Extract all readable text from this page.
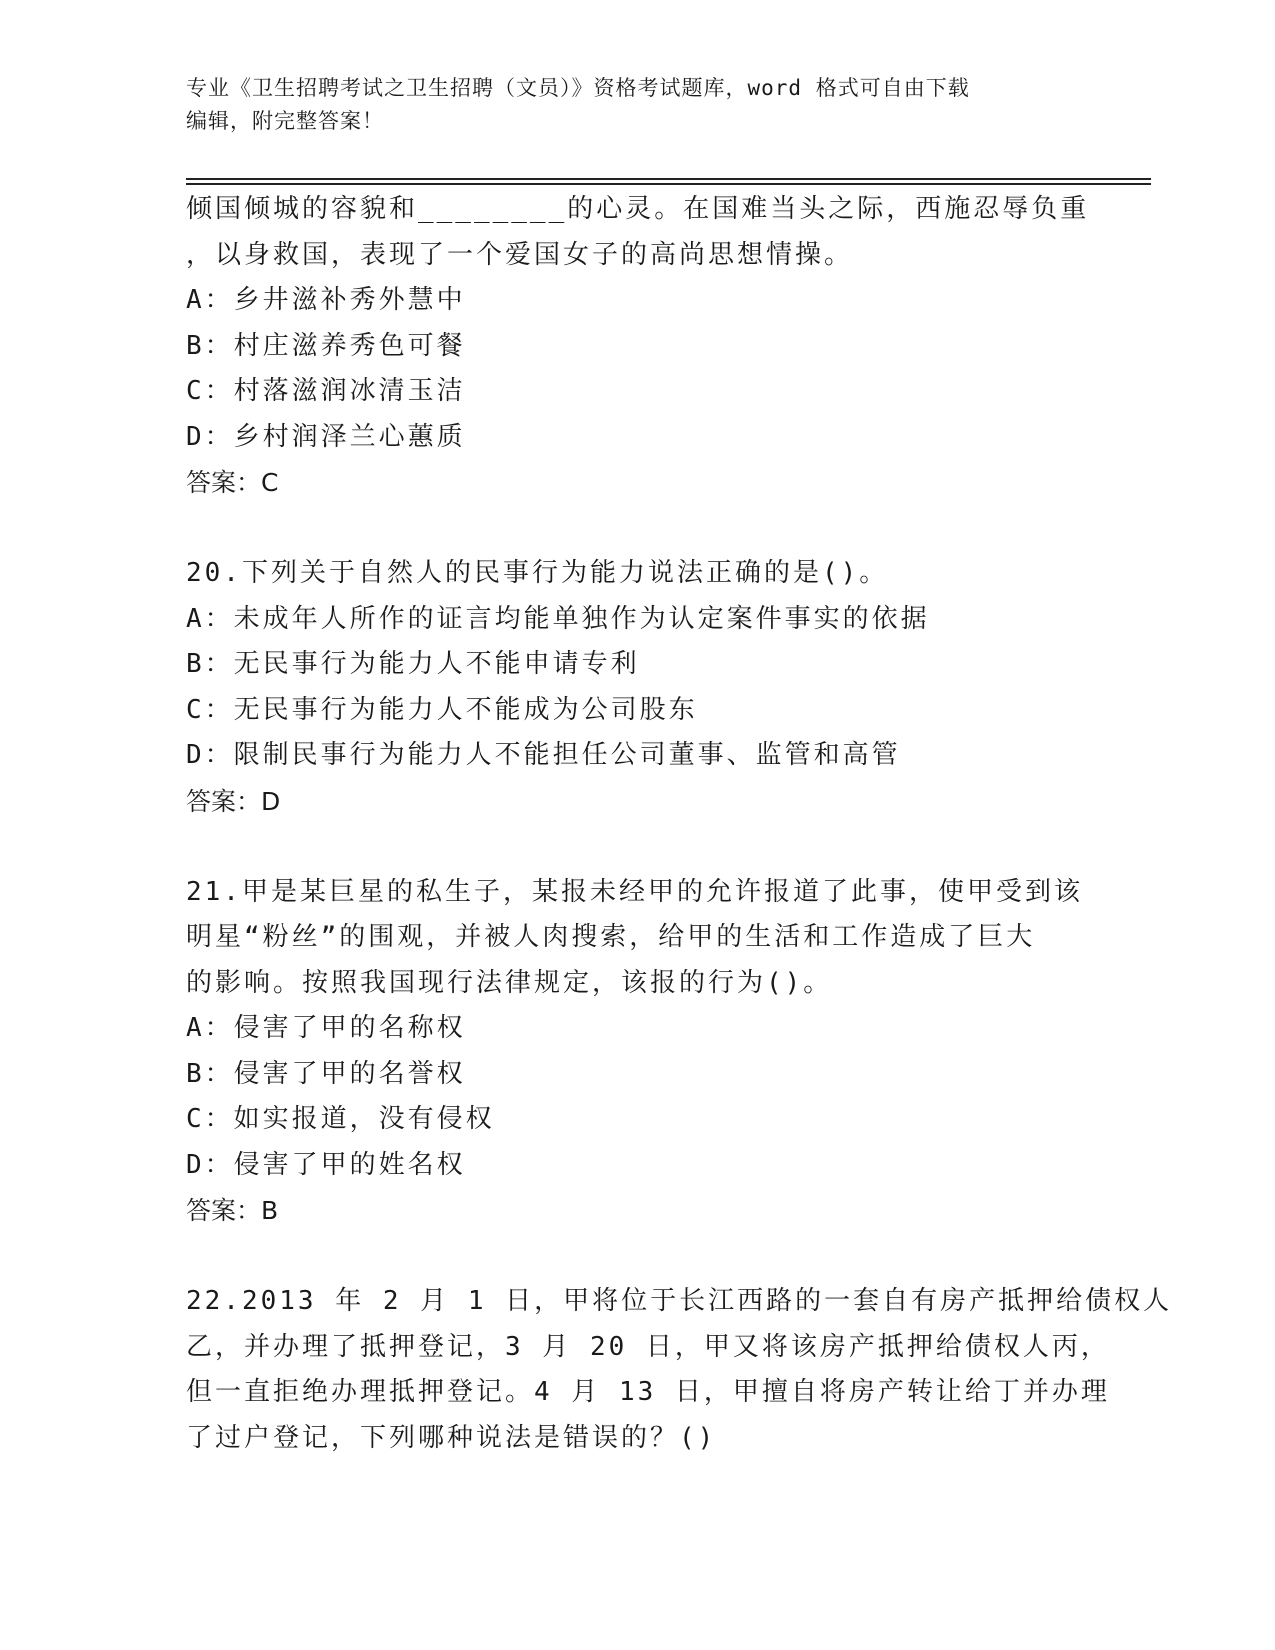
专业《卫生招聘考试之卫生招聘（文员）》资格考试题库，word 格式可自由下载
编辑，附完整答案！
倾国倾城的容貌和________的心灵。在国难当头之际，西施忍辱负重
，以身救国，表现了一个爱国女子的高尚思想情操。
A：乡井滋补秀外慧中
B：村庄滋养秀色可餐
C：村落滋润冰清玉洁
D：乡村润泽兰心蕙质
答案：C
20.下列关于自然人的民事行为能力说法正确的是()。
A：未成年人所作的证言均能单独作为认定案件事实的依据
B：无民事行为能力人不能申请专利
C：无民事行为能力人不能成为公司股东
D：限制民事行为能力人不能担任公司董事、监管和高管
答案：D
21.甲是某巨星的私生子，某报未经甲的允许报道了此事，使甲受到该
明星“粉丝”的围观，并被人肉搜索，给甲的生活和工作造成了巨大
的影响。按照我国现行法律规定，该报的行为()。
A：侵害了甲的名称权
B：侵害了甲的名誉权
C：如实报道，没有侵权
D：侵害了甲的姓名权
答案：B
22.2013 年 2 月 1 日，甲将位于长江西路的一套自有房产抵押给债权人
乙，并办理了抵押登记，3 月 20 日，甲又将该房产抵押给债权人丙，
但一直拒绝办理抵押登记。4 月 13 日，甲擅自将房产转让给丁并办理
了过户登记，下列哪种说法是错误的？()
